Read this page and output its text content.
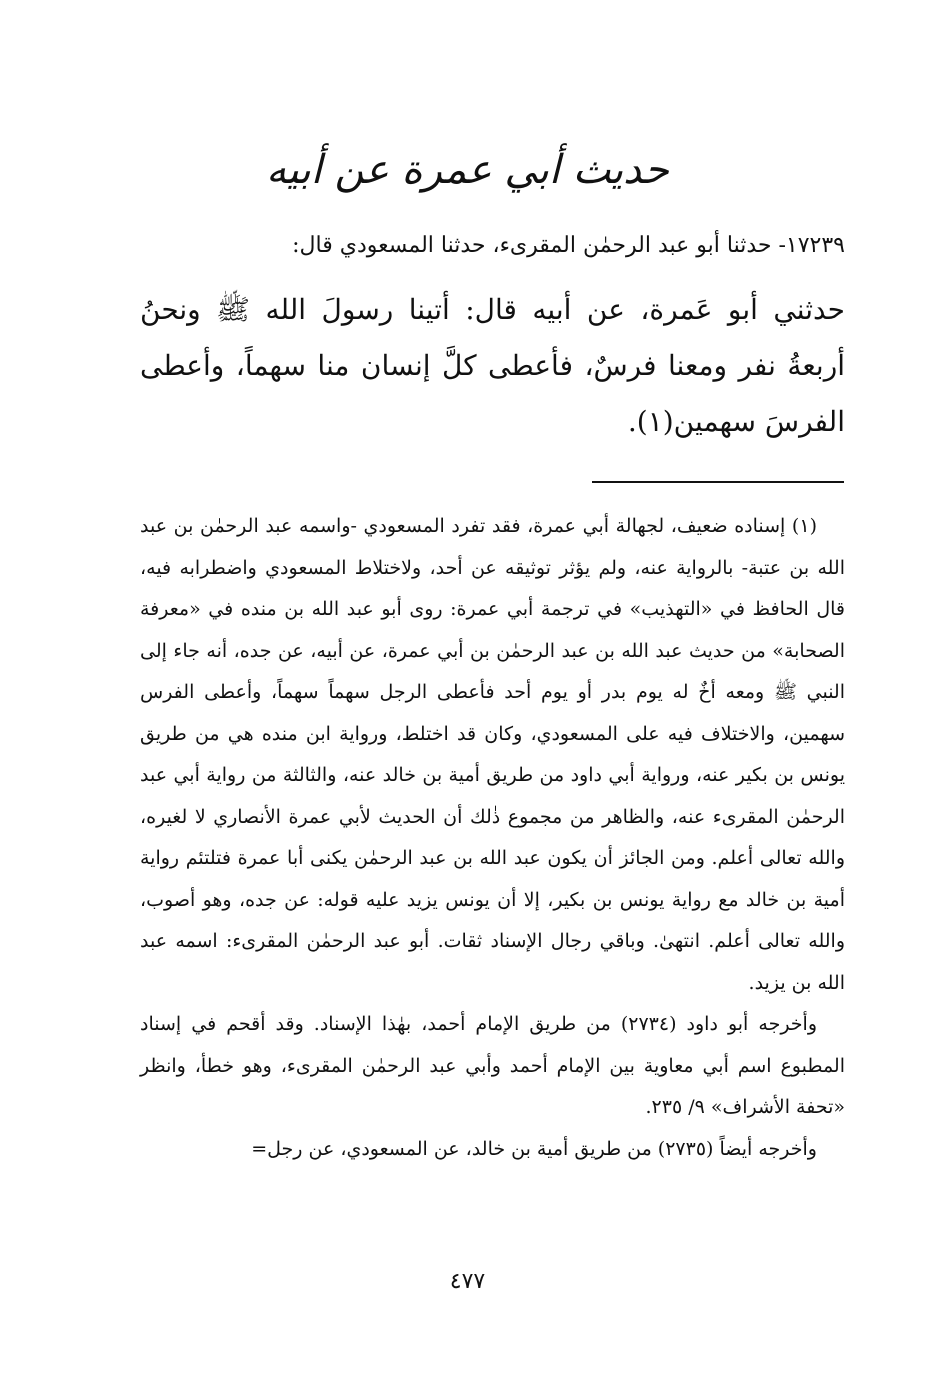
حديث أبي عمرة عن أبيه

١٧٢٣٩- حدثنا أبو عبد الرحمٰن المقرىء، حدثنا المسعودي قال:

حدثني أبو عَمرة، عن أبيه قال: أتينا رسولَ الله ﷺ ونحنُ أربعةُ نفر ومعنا فرسٌ، فأعطى كلَّ إنسان منا سهماً، وأعطى الفرسَ سهمين(١).

(١) إسناده ضعيف، لجهالة أبي عمرة، فقد تفرد المسعودي -واسمه عبد الرحمٰن بن عبد الله بن عتبة- بالرواية عنه، ولم يؤثر توثيقه عن أحد، ولاختلاط المسعودي واضطرابه فيه، قال الحافظ في «التهذيب» في ترجمة أبي عمرة: روى أبو عبد الله بن منده في «معرفة الصحابة» من حديث عبد الله بن عبد الرحمٰن بن أبي عمرة، عن أبيه، عن جده، أنه جاء إلى النبي ﷺ ومعه أخٌ له يوم بدر أو يوم أحد فأعطى الرجل سهماً سهماً، وأعطى الفرس سهمين، والاختلاف فيه على المسعودي، وكان قد اختلط، ورواية ابن منده هي من طريق يونس بن بكير عنه، ورواية أبي داود من طريق أمية بن خالد عنه، والثالثة من رواية أبي عبد الرحمٰن المقرىء عنه، والظاهر من مجموع ذٰلك أن الحديث لأبي عمرة الأنصاري لا لغيره، والله تعالى أعلم. ومن الجائز أن يكون عبد الله بن عبد الرحمٰن يكنى أبا عمرة فتلتئم رواية أمية بن خالد مع رواية يونس بن بكير، إلا أن يونس يزيد عليه قوله: عن جده، وهو أصوب، والله تعالى أعلم. انتهىٰ. وباقي رجال الإسناد ثقات. أبو عبد الرحمٰن المقرىء: اسمه عبد الله بن يزيد.

وأخرجه أبو داود (٢٧٣٤) من طريق الإمام أحمد، بهٰذا الإسناد. وقد أقحم في إسناد المطبوع اسم أبي معاوية بين الإمام أحمد وأبي عبد الرحمٰن المقرىء، وهو خطأ، وانظر «تحفة الأشراف» ٩/ ٢٣٥.

وأخرجه أيضاً (٢٧٣٥) من طريق أمية بن خالد، عن المسعودي، عن رجل=

٤٧٧
